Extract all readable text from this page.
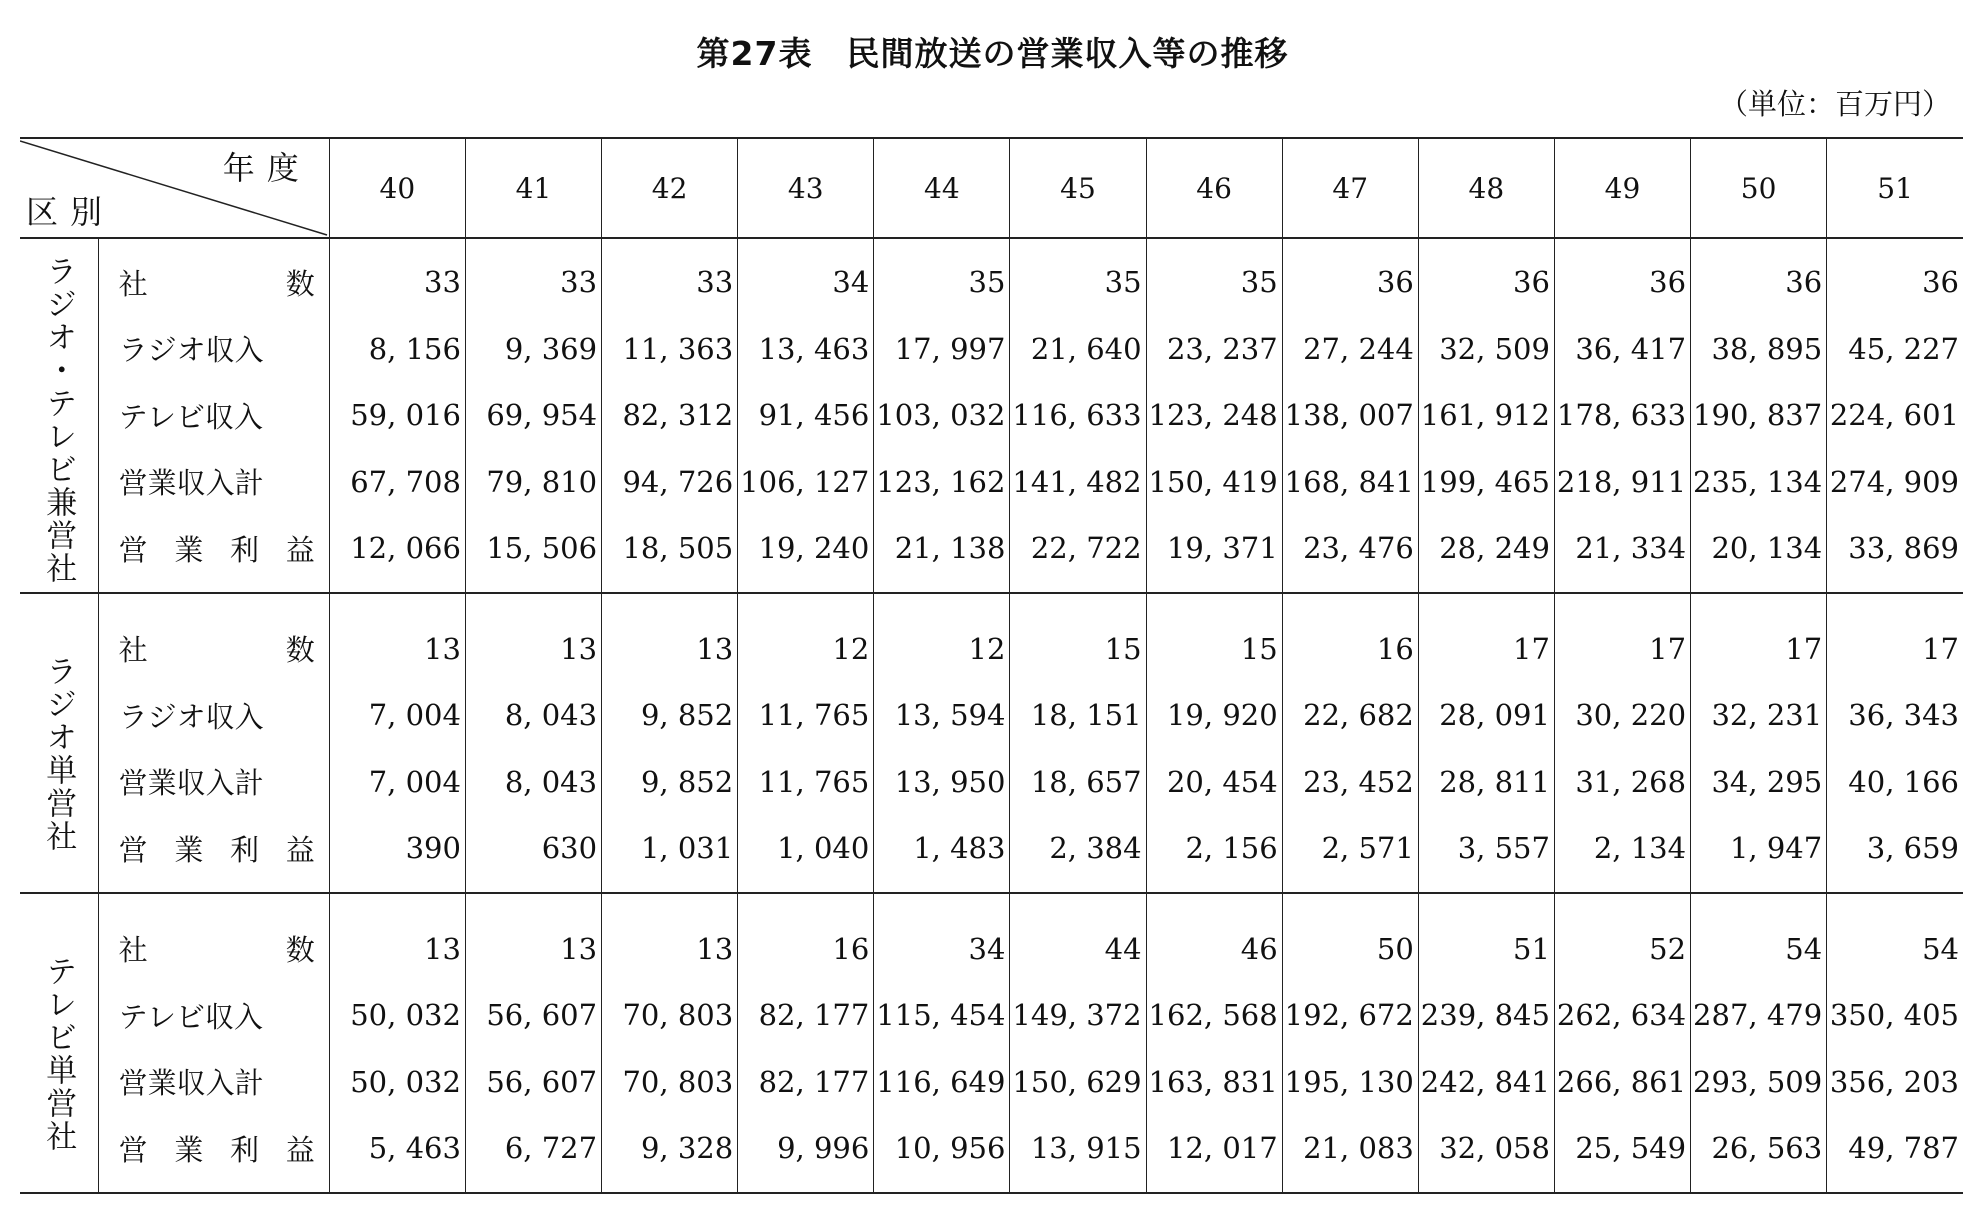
第27表　民間放送の営業収入等の推移
（単位：百万円）
年度
区別		40	41	42	43	44	45	46	47	48	49	50	51
ラジオ・テレビ兼営社	社数	33	33	33	34	35	35	35	36	36	36	36	36
	ラジオ収入	8, 156	9, 369	11, 363	13, 463	17, 997	21, 640	23, 237	27, 244	32, 509	36, 417	38, 895	45, 227
	テレビ収入	59, 016	69, 954	82, 312	91, 456	103, 032	116, 633	123, 248	138, 007	161, 912	178, 633	190, 837	224, 601
	営業収入計	67, 708	79, 810	94, 726	106, 127	123, 162	141, 482	150, 419	168, 841	199, 465	218, 911	235, 134	274, 909
	営業利益	12, 066	15, 506	18, 505	19, 240	21, 138	22, 722	19, 371	23, 476	28, 249	21, 334	20, 134	33, 869
ラジオ単営社	社数	13	13	13	12	12	15	15	16	17	17	17	17
	ラジオ収入	7, 004	8, 043	9, 852	11, 765	13, 594	18, 151	19, 920	22, 682	28, 091	30, 220	32, 231	36, 343
	営業収入計	7, 004	8, 043	9, 852	11, 765	13, 950	18, 657	20, 454	23, 452	28, 811	31, 268	34, 295	40, 166
	営業利益	390	630	1, 031	1, 040	1, 483	2, 384	2, 156	2, 571	3, 557	2, 134	1, 947	3, 659
テレビ単営社	社数	13	13	13	16	34	44	46	50	51	52	54	54
	テレビ収入	50, 032	56, 607	70, 803	82, 177	115, 454	149, 372	162, 568	192, 672	239, 845	262, 634	287, 479	350, 405
	営業収入計	50, 032	56, 607	70, 803	82, 177	116, 649	150, 629	163, 831	195, 130	242, 841	266, 861	293, 509	356, 203
	営業利益	5, 463	6, 727	9, 328	9, 996	10, 956	13, 915	12, 017	21, 083	32, 058	25, 549	26, 563	49, 787
